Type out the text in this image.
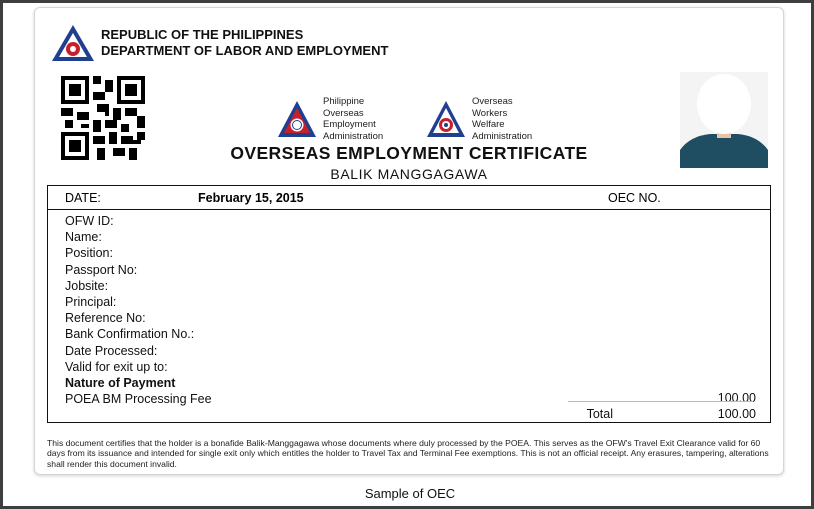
REPUBLIC OF THE PHILIPPINES
DEPARTMENT OF LABOR AND EMPLOYMENT
Philippine
Overseas
Employment
Administration
Overseas
Workers
Welfare
Administration
OVERSEAS EMPLOYMENT CERTIFICATE
BALIK MANGGAGAWA
DATE:	February 15, 2015	OEC NO.
OFW ID:
Name:
Position:
Passport No:
Jobsite:
Principal:
Reference No:
Bank Confirmation No.:
Date Processed:
Valid for exit up to:
Nature of Payment
POEA BM Processing Fee	100.00
Total	100.00
This document certifies that the holder is a bonafide Balik-Manggagawa whose documents where duly processed by the POEA. This serves as the OFW's Travel Exit Clearance valid for 60 days from its issuance and intended for single exit only which entitles the holder to Travel Tax and Terminal Fee exemptions. This is not an official receipt. Any erasures, tampering, alterations shall render this document invalid.
Sample of OEC
